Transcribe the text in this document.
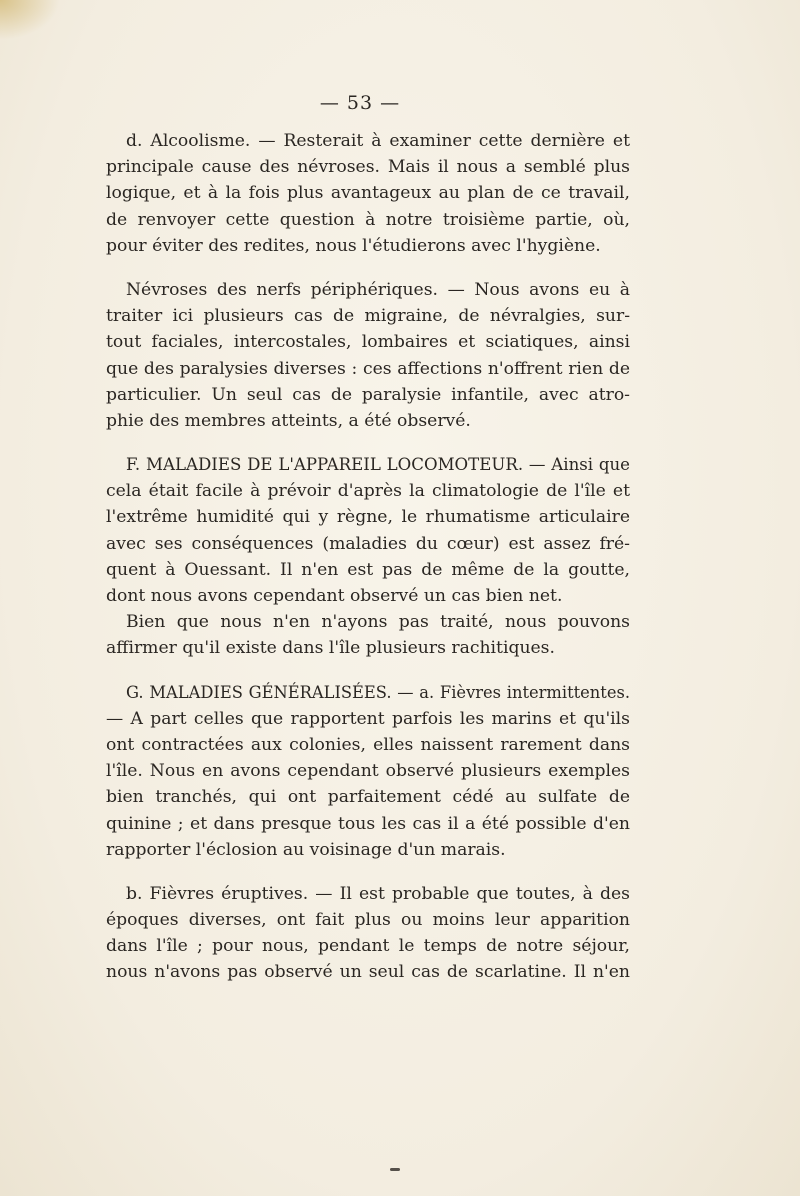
— 53 —
d. Alcoolisme. — Resterait à examiner cette dernière et
principale cause des névroses. Mais il nous a semblé plus
logique, et à la fois plus avantageux au plan de ce travail,
de renvoyer cette question à notre troisième partie, où,
pour éviter des redites, nous l'étudierons avec l'hygiène.
Névroses des nerfs périphériques. — Nous avons eu à
traiter ici plusieurs cas de migraine, de névralgies, sur-
tout faciales, intercostales, lombaires et sciatiques, ainsi
que des paralysies diverses : ces affections n'offrent rien de
particulier. Un seul cas de paralysie infantile, avec atro-
phie des membres atteints, a été observé.
F. MALADIES DE L'APPAREIL LOCOMOTEUR. — Ainsi que
cela était facile à prévoir d'après la climatologie de l'île et
l'extrême humidité qui y règne, le rhumatisme articulaire
avec ses conséquences (maladies du cœur) est assez fré-
quent à Ouessant. Il n'en est pas de même de la goutte,
dont nous avons cependant observé un cas bien net.
Bien que nous n'en n'ayons pas traité, nous pouvons
affirmer qu'il existe dans l'île plusieurs rachitiques.
G. MALADIES GÉNÉRALISÉES. — a. Fièvres intermittentes.
— A part celles que rapportent parfois les marins et qu'ils
ont contractées aux colonies, elles naissent rarement dans
l'île. Nous en avons cependant observé plusieurs exemples
bien tranchés, qui ont parfaitement cédé au sulfate de
quinine ; et dans presque tous les cas il a été possible d'en
rapporter l'éclosion au voisinage d'un marais.
b. Fièvres éruptives. — Il est probable que toutes, à des
époques diverses, ont fait plus ou moins leur apparition
dans l'île ; pour nous, pendant le temps de notre séjour,
nous n'avons pas observé un seul cas de scarlatine. Il n'en
